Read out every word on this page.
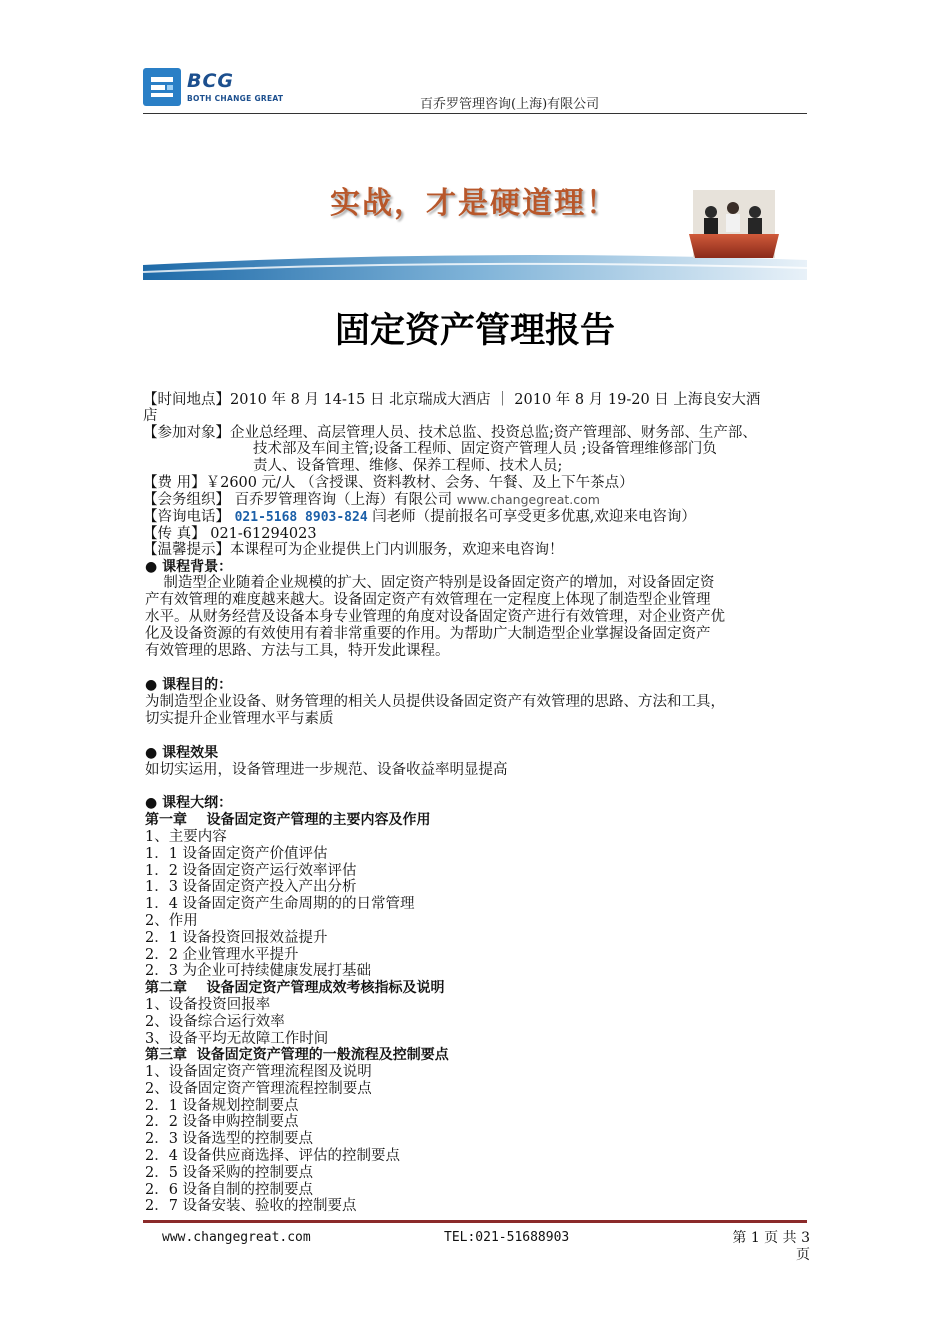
BCG
BOTH CHANGE GREAT	百乔罗管理咨询(上海)有限公司
实战，才是硬道理！
固定资产管理报告
【时间地点】2010 年 8 月 14-15 日 北京瑞成大酒店 ｜ 2010 年 8 月 19-20 日 上海良安大酒
店
【参加对象】企业总经理、高层管理人员、技术总监、投资总监;资产管理部、财务部、生产部、
技术部及车间主管;设备工程师、固定资产管理人员 ;设备管理维修部门负
责人、设备管理、维修、保养工程师、技术人员;
【费 用】￥2600 元/人 （含授课、资料教材、会务、午餐、及上下午茶点）
【会务组织】 百乔罗管理咨询（上海）有限公司 www.changegreat.com
【咨询电话】 021-5168 8903-824 闫老师（提前报名可享受更多优惠,欢迎来电咨询）
【传 真】 021-61294023
【温馨提示】本课程可为企业提供上门内训服务，欢迎来电咨询！
● 课程背景：
制造型企业随着企业规模的扩大、固定资产特别是设备固定资产的增加，对设备固定资
产有效管理的难度越来越大。设备固定资产有效管理在一定程度上体现了制造型企业管理
水平。从财务经营及设备本身专业管理的角度对设备固定资产进行有效管理，对企业资产优
化及设备资源的有效使用有着非常重要的作用。为帮助广大制造型企业掌握设备固定资产
有效管理的思路、方法与工具，特开发此课程。
● 课程目的：
为制造型企业设备、财务管理的相关人员提供设备固定资产有效管理的思路、方法和工具，
切实提升企业管理水平与素质
● 课程效果
如切实运用，设备管理进一步规范、设备收益率明显提高
● 课程大纲：
第一章    设备固定资产管理的主要内容及作用
1、主要内容
1．1 设备固定资产价值评估
1．2 设备固定资产运行效率评估
1．3 设备固定资产投入产出分析
1．4 设备固定资产生命周期的的日常管理
2、作用
2．1 设备投资回报效益提升
2．2 企业管理水平提升
2．3 为企业可持续健康发展打基础
第二章    设备固定资产管理成效考核指标及说明
1、设备投资回报率
2、设备综合运行效率
3、设备平均无故障工作时间
第三章  设备固定资产管理的一般流程及控制要点
1、设备固定资产管理流程图及说明
2、设备固定资产管理流程控制要点
2．1 设备规划控制要点
2．2 设备申购控制要点
2．3 设备选型的控制要点
2．4 设备供应商选择、评估的控制要点
2．5 设备采购的控制要点
2．6 设备自制的控制要点
2．7 设备安装、验收的控制要点
www.changegreat.com	TEL:021-51688903	第 1 页 共 3 页
